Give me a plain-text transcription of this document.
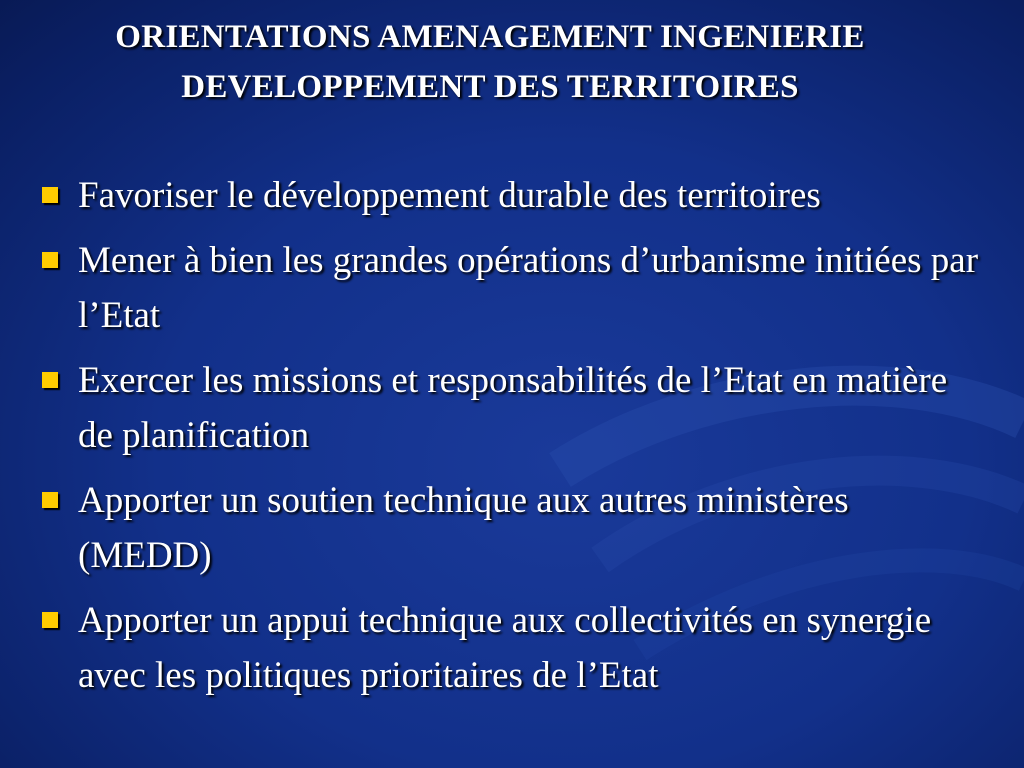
ORIENTATIONS AMENAGEMENT INGENIERIE DEVELOPPEMENT DES TERRITOIRES
Favoriser le développement durable des territoires
Mener à bien les grandes opérations d’urbanisme initiées par l’Etat
Exercer les missions et responsabilités de l’Etat en matière de planification
Apporter un soutien technique aux autres ministères (MEDD)
Apporter un appui technique aux collectivités en synergie avec les politiques prioritaires de l’Etat
